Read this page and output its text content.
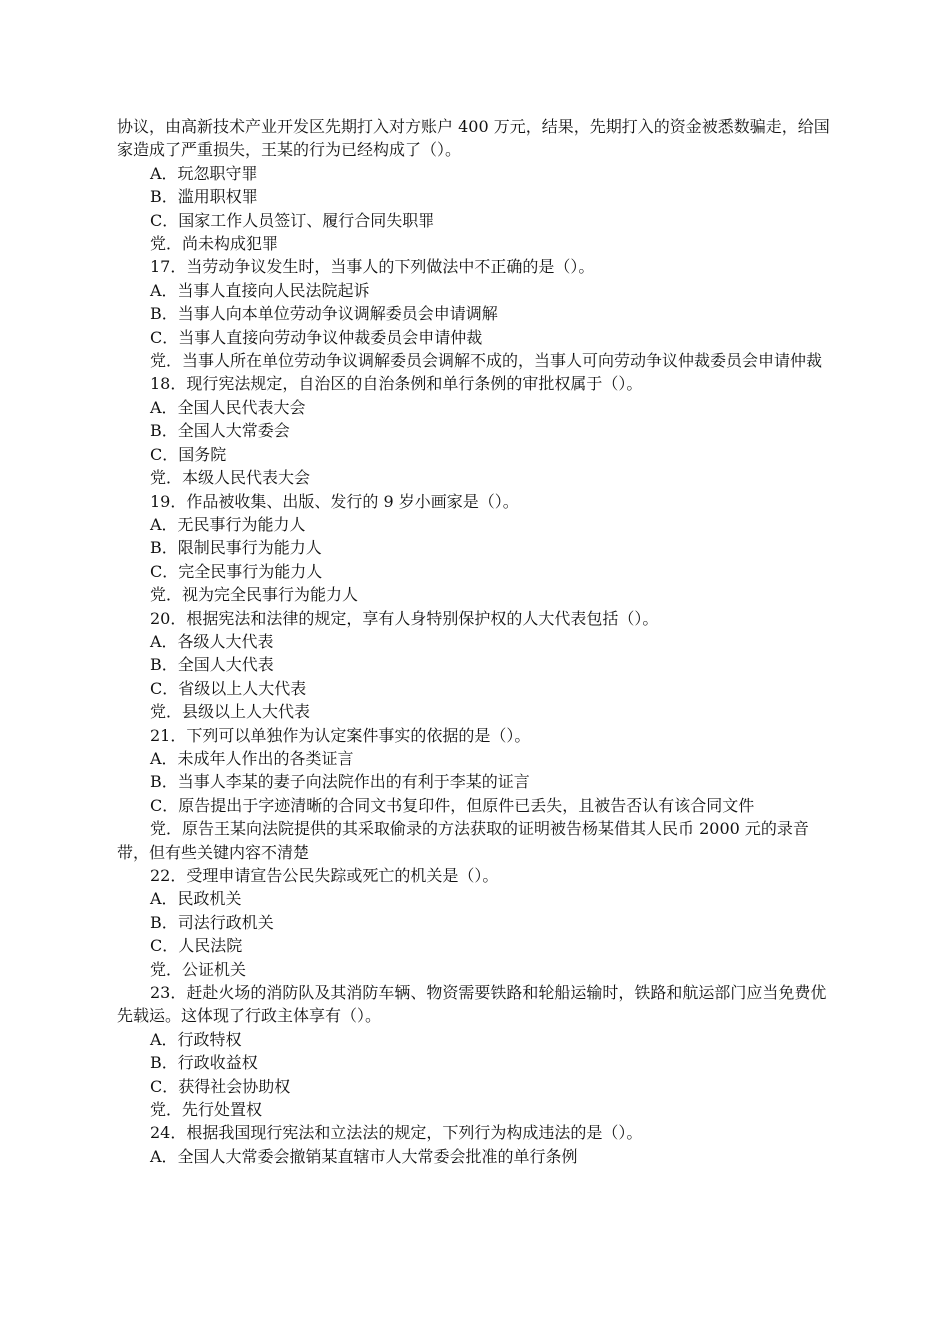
协议，由高新技术产业开发区先期打入对方账户 400 万元，结果，先期打入的资金被悉数骗走，给国家造成了严重损失，王某的行为已经构成了（）。

A．玩忽职守罪

B．滥用职权罪

C．国家工作人员签订、履行合同失职罪

党．尚未构成犯罪

17．当劳动争议发生时，当事人的下列做法中不正确的是（）。

A．当事人直接向人民法院起诉

B．当事人向本单位劳动争议调解委员会申请调解

C．当事人直接向劳动争议仲裁委员会申请仲裁

党．当事人所在单位劳动争议调解委员会调解不成的，当事人可向劳动争议仲裁委员会申请仲裁

18．现行宪法规定，自治区的自治条例和单行条例的审批权属于（）。

A．全国人民代表大会

B．全国人大常委会

C．国务院

党．本级人民代表大会

19．作品被收集、出版、发行的 9 岁小画家是（）。

A．无民事行为能力人

B．限制民事行为能力人

C．完全民事行为能力人

党．视为完全民事行为能力人

20．根据宪法和法律的规定，享有人身特别保护权的人大代表包括（）。

A．各级人大代表

B．全国人大代表

C．省级以上人大代表

党．县级以上人大代表

21．下列可以单独作为认定案件事实的依据的是（）。

A．未成年人作出的各类证言

B．当事人李某的妻子向法院作出的有利于李某的证言

C．原告提出于字迹清晰的合同文书复印件，但原件已丢失，且被告否认有该合同文件

党．原告王某向法院提供的其采取偷录的方法获取的证明被告杨某借其人民币 2000 元的录音带，但有些关键内容不清楚

22．受理申请宣告公民失踪或死亡的机关是（）。

A．民政机关

B．司法行政机关

C．人民法院

党．公证机关

23．赶赴火场的消防队及其消防车辆、物资需要铁路和轮船运输时，铁路和航运部门应当免费优先载运。这体现了行政主体享有（）。

A．行政特权

B．行政收益权

C．获得社会协助权

党．先行处置权

24．根据我国现行宪法和立法法的规定，下列行为构成违法的是（）。

A．全国人大常委会撤销某直辖市人大常委会批准的单行条例
